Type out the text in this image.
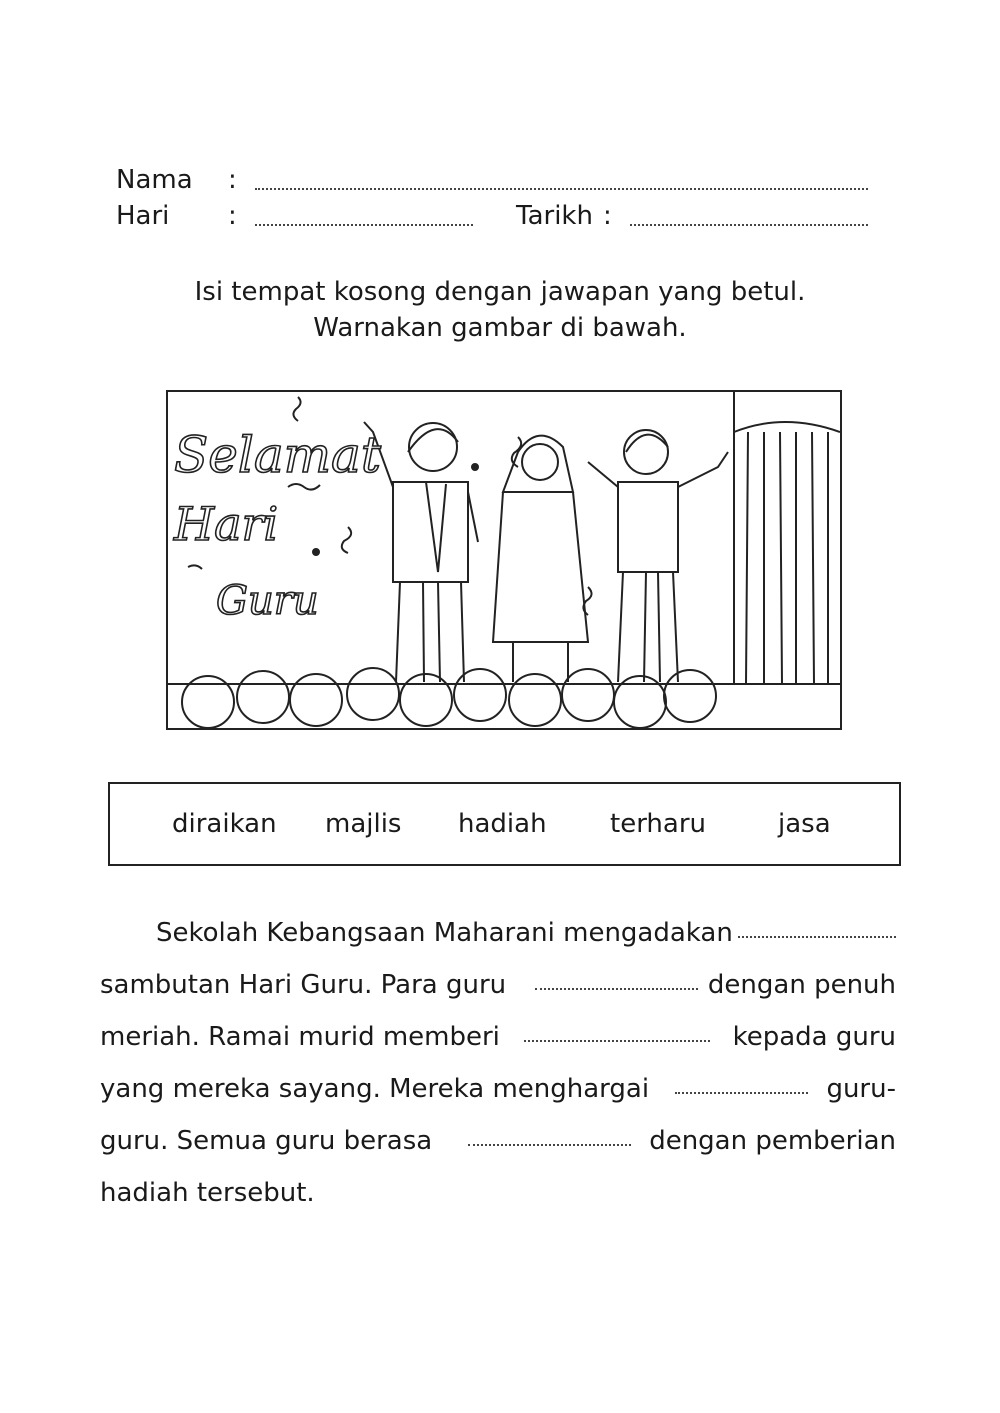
Nama :
Hari :	Tarikh :
Isi tempat kosong dengan jawapan yang betul.
Warnakan gambar di bawah.
Selamat
Hari
Guru
diraikan majlis hadiah terharu	jasa
Sekolah Kebangsaan Maharani mengadakan
sambutan Hari Guru. Para guru	dengan penuh
meriah. Ramai murid memberi	kepada guru
yang mereka sayang. Mereka menghargai	guru-
guru. Semua guru berasa	dengan pemberian
hadiah tersebut.
